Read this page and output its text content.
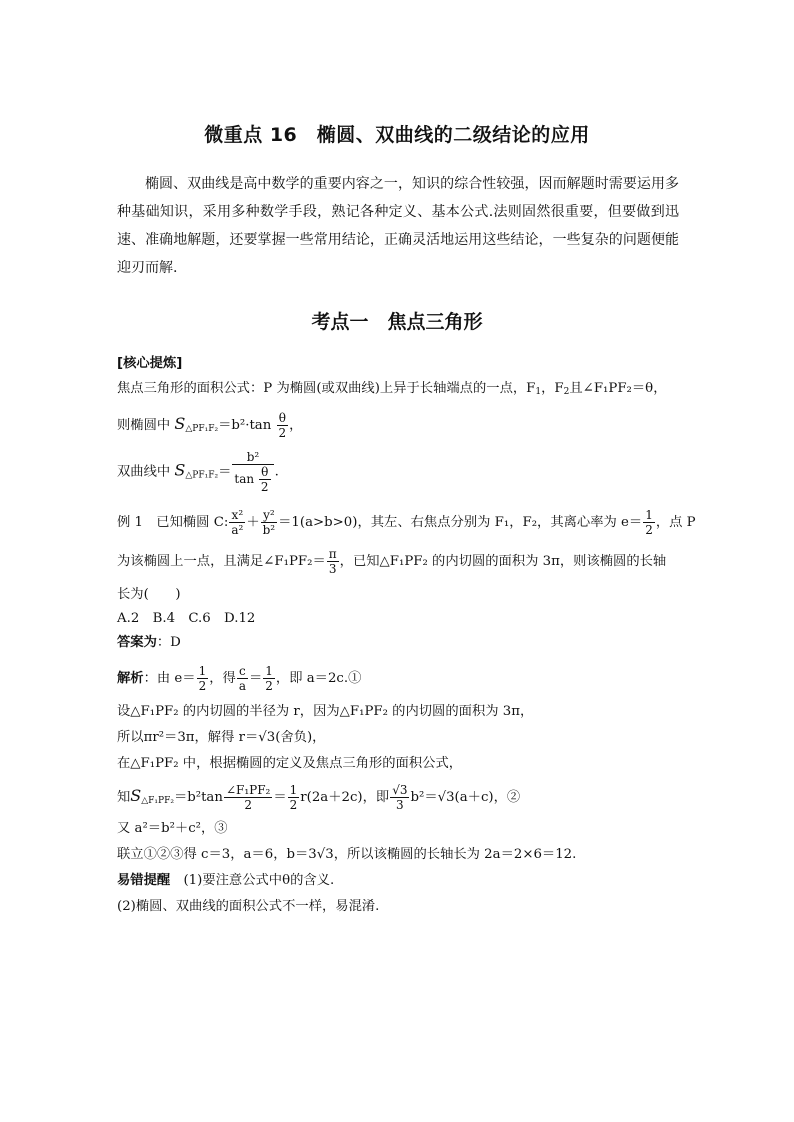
微重点 16　椭圆、双曲线的二级结论的应用
椭圆、双曲线是高中数学的重要内容之一，知识的综合性较强，因而解题时需要运用多种基础知识，采用多种数学手段，熟记各种定义、基本公式.法则固然很重要，但要做到迅速、准确地解题，还要掌握一些常用结论，正确灵活地运用这些结论，一些复杂的问题便能迎刃而解.
考点一　焦点三角形

[核心提炼]

焦点三角形的面积公式：P 为椭圆(或双曲线)上异于长轴端点的一点，$F_1$，$F_2$且∠F₁PF₂＝θ，

则椭圆中 $S_{\triangle PF_1F_2}=b^2\cdot\tan \frac{\theta}{2}$ ，

双曲线中 $S_{\triangle PF_1F_2}= \frac{\text{b²}}{\tan \frac{\theta}{2}}$ .

例 1　 已知椭圆 C: $\frac{\text{x²}}{\text{a²}} + \frac{\text{y²}}{\text{b²}} =1(a>b>0)$，其左、右焦点分别为 F₁，F₂，其离心率为 $e= \frac{1}{2}$ ，点 P

为该椭圆上一点，且满足∠F₁PF₂＝ $\frac{\pi}{3}$ ，已知△F₁PF₂ 的内切圆的面积为 3π，则该椭圆的长轴

长为(　　)

A.2　B.4　C.6　D.12

答案为：D

解析：由 $e= \frac{1}{2}$ ，得 $\frac{c}{a} = \frac{1}{2}$ ，即 a＝2c.①

设△F₁PF₂ 的内切圆的半径为 r，因为△F₁PF₂ 的内切圆的面积为 3π，

所以πr²＝3π，解得 r＝√3(舍负)，

在△F₁PF₂ 中，根据椭圆的定义及焦点三角形的面积公式，

知$S_{\triangle F_1PF_2}=b^2\tan \frac{\text{∠F₁PF₂}}{2} = \frac{1}{2} r(2a+2c)$，即 $\frac{√3}{3} b^2=√3(a+c)$，②

又 a²＝b²＋c²，③

联立①②③得 c＝3，a＝6，b＝3√3，所以该椭圆的长轴长为 2a＝2×6＝12.

易错提醒　(1)要注意公式中θ的含义.

(2)椭圆、双曲线的面积公式不一样，易混淆.
